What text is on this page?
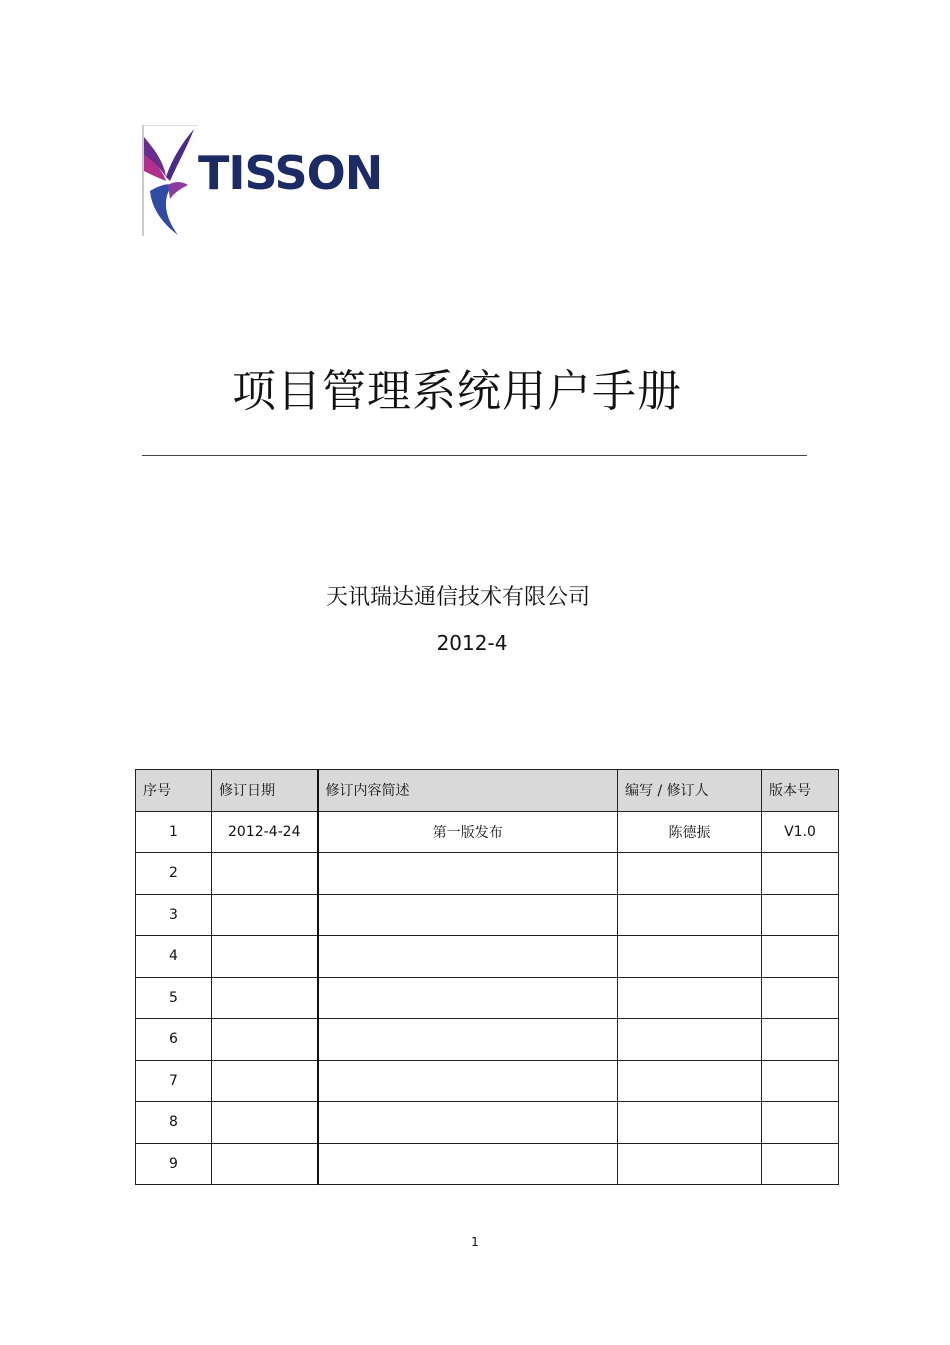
TISSON
项目管理系统用户手册
天讯瑞达通信技术有限公司
2012-4
序号	修订日期	修订内容简述	编写 / 修订人	版本号
1	2012-4-24	第一版发布	陈德振	V1.0
2				
3				
4				
5				
6				
7				
8				
9				
1
